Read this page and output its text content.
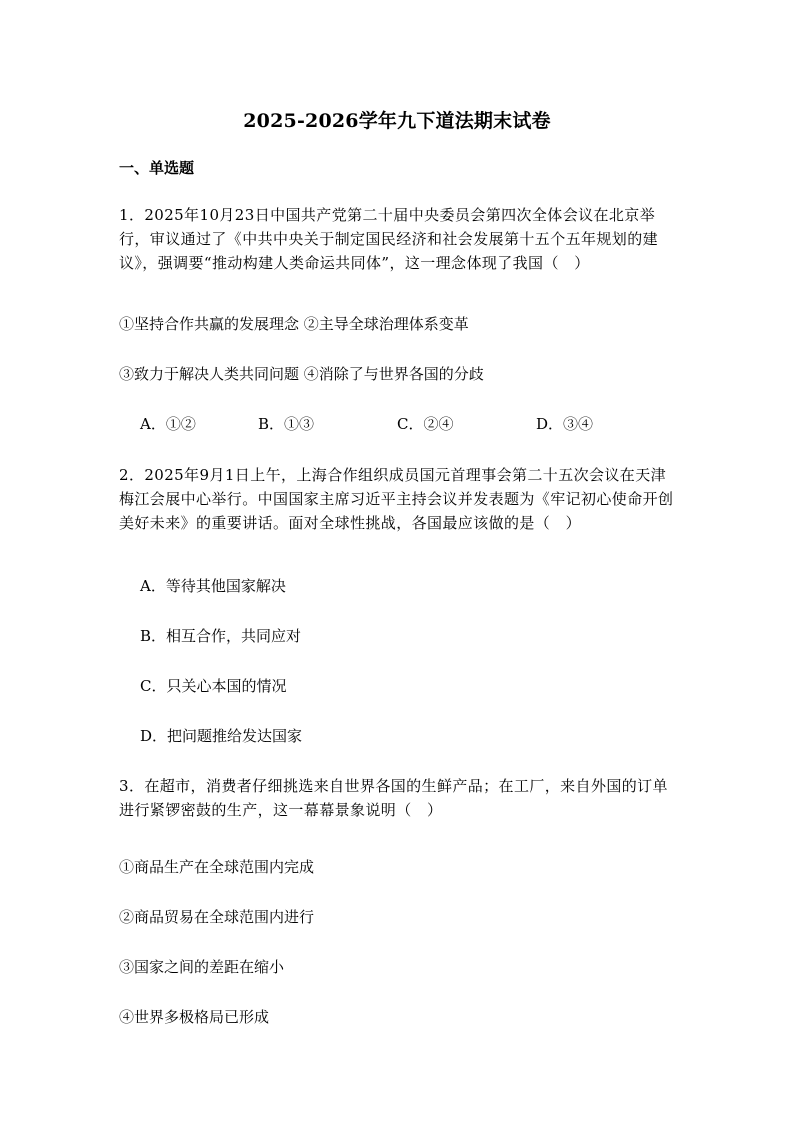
2025-2026学年九下道法期末试卷
一、单选题
1．2025年10月23日中国共产党第二十届中央委员会第四次全体会议在北京举行，审议通过了《中共中央关于制定国民经济和社会发展第十五个五年规划的建议》，强调要“推动构建人类命运共同体”，这一理念体现了我国（　）
①坚持合作共赢的发展理念 ②主导全球治理体系变革
③致力于解决人类共同问题 ④消除了与世界各国的分歧
A．①②	B．①③	C．②④	D．③④
2．2025年9月1日上午，上海合作组织成员国元首理事会第二十五次会议在天津梅江会展中心举行。中国国家主席习近平主持会议并发表题为《牢记初心使命开创美好未来》的重要讲话。面对全球性挑战，各国最应该做的是（　）
A．等待其他国家解决
B．相互合作，共同应对
C．只关心本国的情况
D．把问题推给发达国家
3．在超市，消费者仔细挑选来自世界各国的生鲜产品；在工厂，来自外国的订单进行紧锣密鼓的生产，这一幕幕景象说明（　）
①商品生产在全球范围内完成
②商品贸易在全球范围内进行
③国家之间的差距在缩小
④世界多极格局已形成
